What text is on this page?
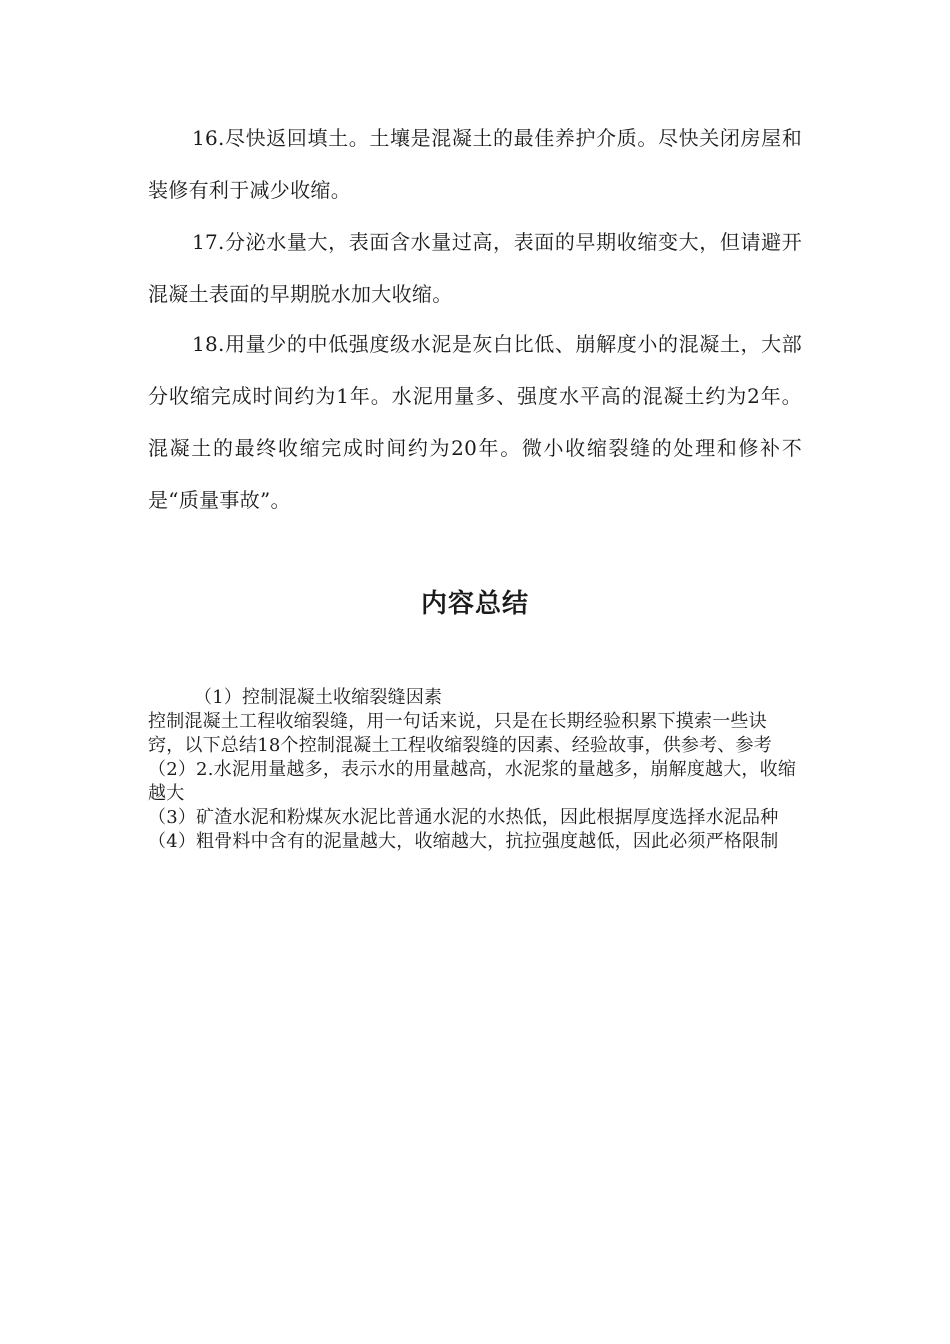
16.尽快返回填土。土壤是混凝土的最佳养护介质。尽快关闭房屋和装修有利于减少收缩。

17.分泌水量大，表面含水量过高，表面的早期收缩变大，但请避开混凝土表面的早期脱水加大收缩。

18.用量少的中低强度级水泥是灰白比低、崩解度小的混凝土，大部分收缩完成时间约为1年。水泥用量多、强度水平高的混凝土约为2年。混凝土的最终收缩完成时间约为20年。微小收缩裂缝的处理和修补不是“质量事故”。

内容总结

（1）控制混凝土收缩裂缝因素

控制混凝土工程收缩裂缝，用一句话来说，只是在长期经验积累下摸索一些诀窍，以下总结18个控制混凝土工程收缩裂缝的因素、经验故事，供参考、参考

（2）2.水泥用量越多，表示水的用量越高，水泥浆的量越多，崩解度越大，收缩越大

（3）矿渣水泥和粉煤灰水泥比普通水泥的水热低，因此根据厚度选择水泥品种

（4）粗骨料中含有的泥量越大，收缩越大，抗拉强度越低，因此必须严格限制
